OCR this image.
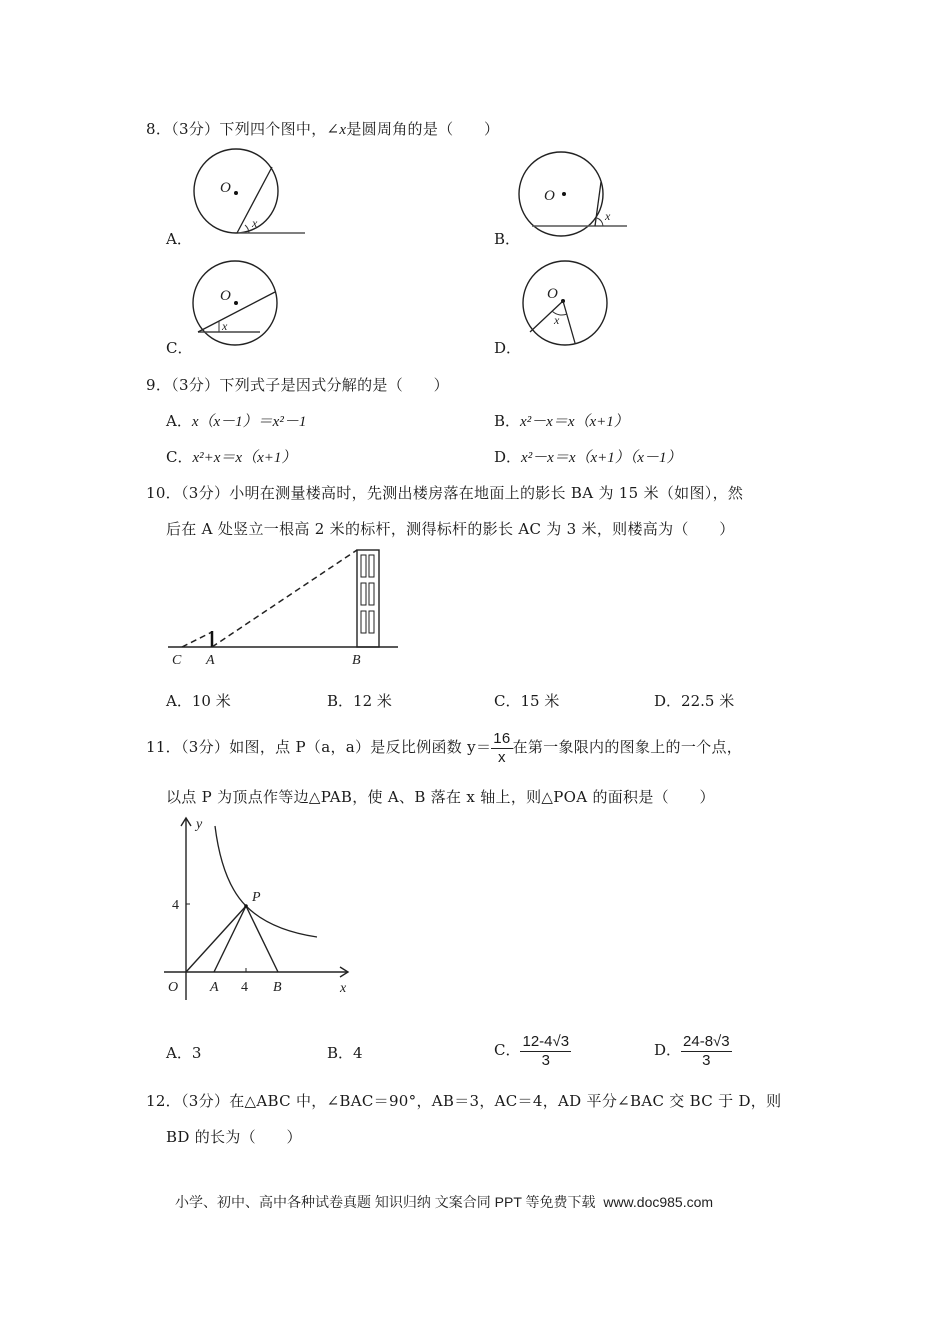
8．（3分）下列四个图中，∠x是圆周角的是（　　）
A．
O
x
B．
O
x
C．
O
x
D．
O
x
9．（3分）下列式子是因式分解的是（　　）
A．x（x－1）＝x²－1	B．x²－x＝x（x+1）
C．x²+x＝x（x+1）	D．x²－x＝x（x+1）（x－1）
10．（3分）小明在测量楼高时，先测出楼房落在地面上的影长 BA 为 15 米（如图），然
后在 A 处竖立一根高 2 米的标杆，测得标杆的影长 AC 为 3 米，则楼高为（　　）
C A	B
A．10 米	B．12 米	C．15 米	D．22.5 米
11．（3分）如图，点 P（a，a）是反比例函数 $y= \frac{16}{x}$ 在第一象限内的图象上的一个点，
以点 P 为顶点作等边△PAB，使 A、B 落在 x 轴上，则△POA 的面积是（　　）
y
x
O
4
4
P
A	B
A．3	B．4	C． $\frac{12-4√3}{3}$	D． $\frac{24-8√3}{3}$
12．（3分）在△ABC 中，∠BAC＝90°，AB＝3，AC＝4，AD 平分∠BAC 交 BC 于 D，则
BD 的长为（　　）
小学、初中、高中各种试卷真题 知识归纳 文案合同 PPT 等免费下载 www.doc985.com
